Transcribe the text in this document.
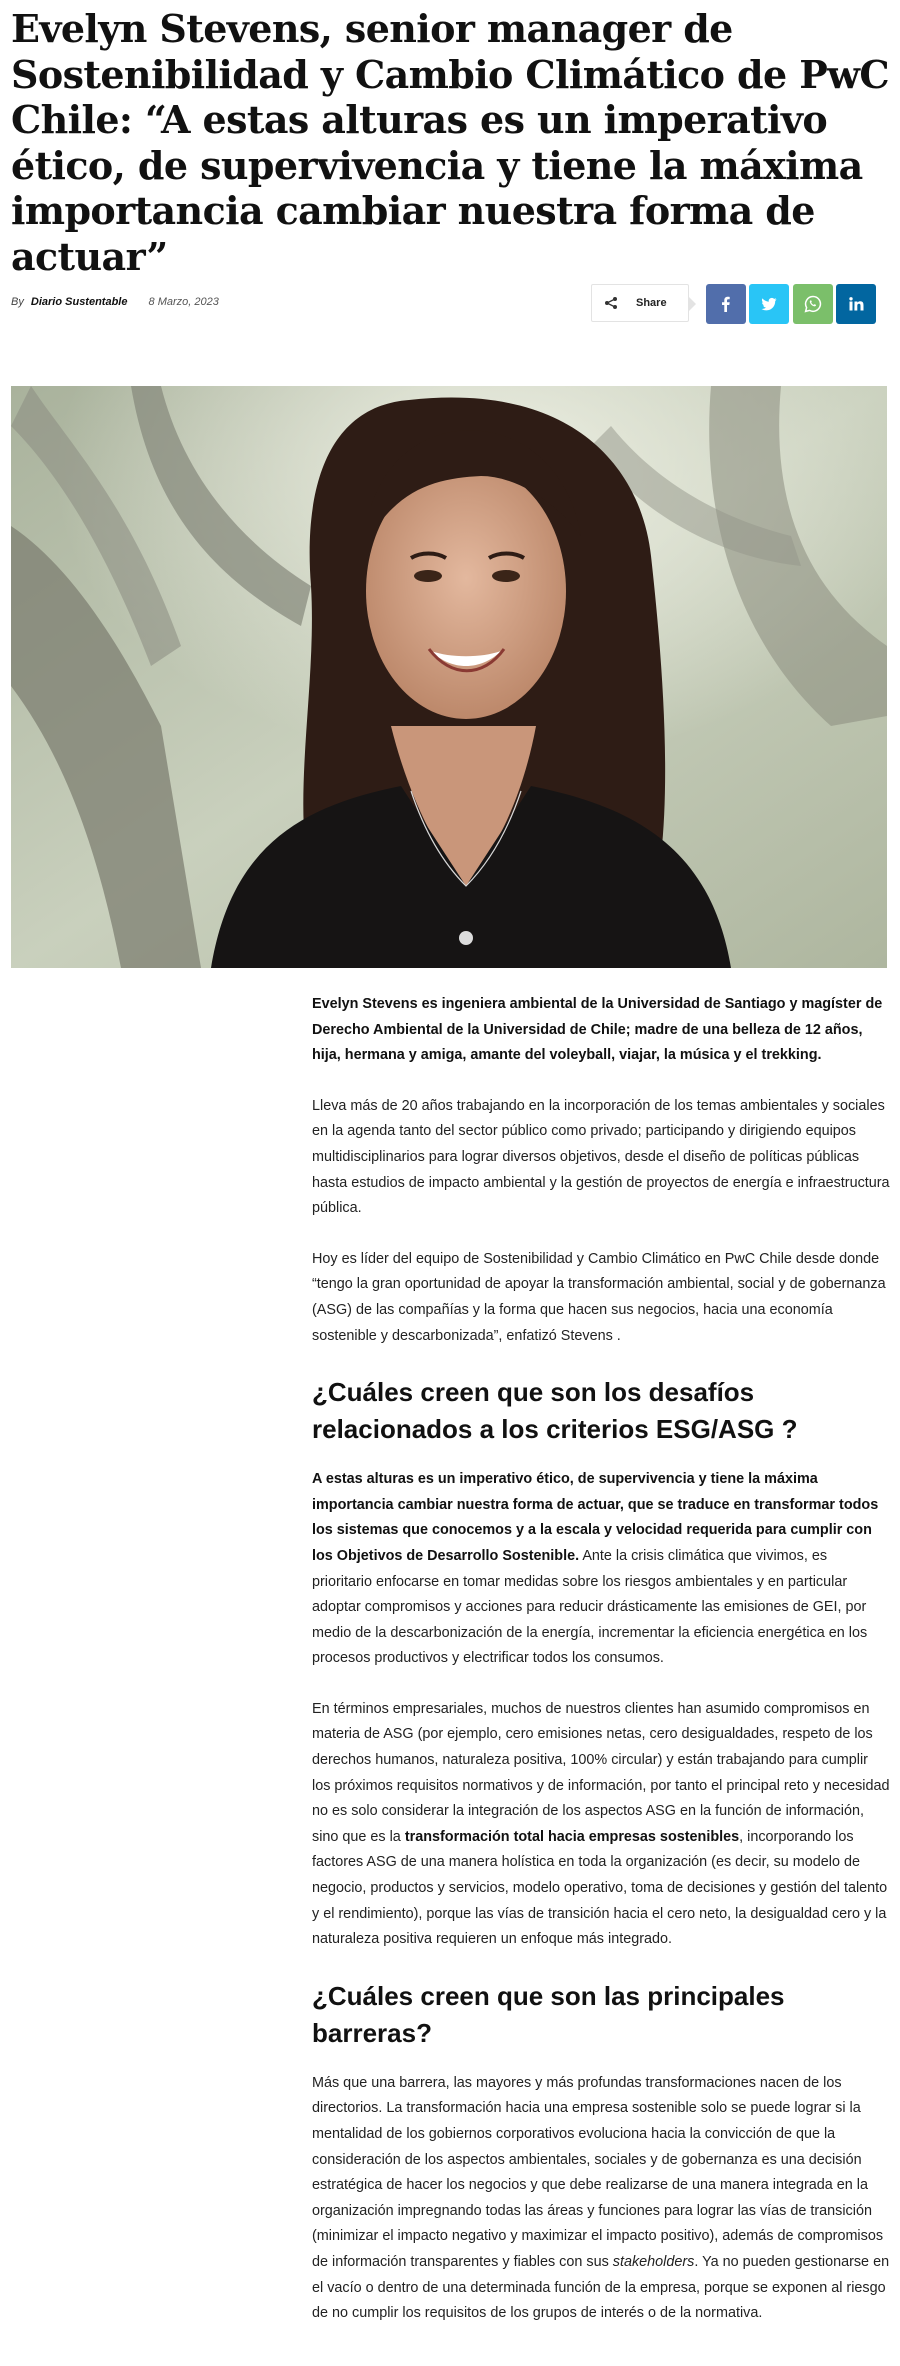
Evelyn Stevens, senior manager de Sostenibilidad y Cambio Climático de PwC Chile: “A estas alturas es un imperativo ético, de supervivencia y tiene la máxima importancia cambiar nuestra forma de actuar”
By Diario Sustentable 8 Marzo, 2023	Share

Evelyn Stevens es ingeniera ambiental de la Universidad de Santiago y magíster de Derecho Ambiental de la Universidad de Chile; madre de una belleza de 12 años, hija, hermana y amiga, amante del voleyball, viajar, la música y el trekking.

Lleva más de 20 años trabajando en la incorporación de los temas ambientales y sociales en la agenda tanto del sector público como privado; participando y dirigiendo equipos multidisciplinarios para lograr diversos objetivos, desde el diseño de políticas públicas hasta estudios de impacto ambiental y la gestión de proyectos de energía e infraestructura pública.

Hoy es líder del equipo de Sostenibilidad y Cambio Climático en PwC Chile desde donde “tengo la gran oportunidad de apoyar la transformación ambiental, social y de gobernanza (ASG) de las compañías y la forma que hacen sus negocios, hacia una economía sostenible y descarbonizada”, enfatizó Stevens .

¿Cuáles creen que son los desafíos relacionados a los criterios ESG/ASG ?

A estas alturas es un imperativo ético, de supervivencia y tiene la máxima importancia cambiar nuestra forma de actuar, que se traduce en transformar todos los sistemas que conocemos y a la escala y velocidad requerida para cumplir con los Objetivos de Desarrollo Sostenible. Ante la crisis climática que vivimos, es prioritario enfocarse en tomar medidas sobre los riesgos ambientales y en particular adoptar compromisos y acciones para reducir drásticamente las emisiones de GEI, por medio de la descarbonización de la energía, incrementar la eficiencia energética en los procesos productivos y electrificar todos los consumos.

En términos empresariales, muchos de nuestros clientes han asumido compromisos en materia de ASG (por ejemplo, cero emisiones netas, cero desigualdades, respeto de los derechos humanos, naturaleza positiva, 100% circular) y están trabajando para cumplir los próximos requisitos normativos y de información, por tanto el principal reto y necesidad no es solo considerar la integración de los aspectos ASG en la función de información, sino que es la transformación total hacia empresas sostenibles, incorporando los factores ASG de una manera holística en toda la organización (es decir, su modelo de negocio, productos y servicios, modelo operativo, toma de decisiones y gestión del talento y el rendimiento), porque las vías de transición hacia el cero neto, la desigualdad cero y la naturaleza positiva requieren un enfoque más integrado.

¿Cuáles creen que son las principales barreras?

Más que una barrera, las mayores y más profundas transformaciones nacen de los directorios. La transformación hacia una empresa sostenible solo se puede lograr si la mentalidad de los gobiernos corporativos evoluciona hacia la convicción de que la consideración de los aspectos ambientales, sociales y de gobernanza es una decisión estratégica de hacer los negocios y que debe realizarse de una manera integrada en la organización impregnando todas las áreas y funciones para lograr las vías de transición (minimizar el impacto negativo y maximizar el impacto positivo), además de compromisos de información transparentes y fiables con sus stakeholders. Ya no pueden gestionarse en el vacío o dentro de una determinada función de la empresa, porque se exponen al riesgo de no cumplir los requisitos de los grupos de interés o de la normativa.
